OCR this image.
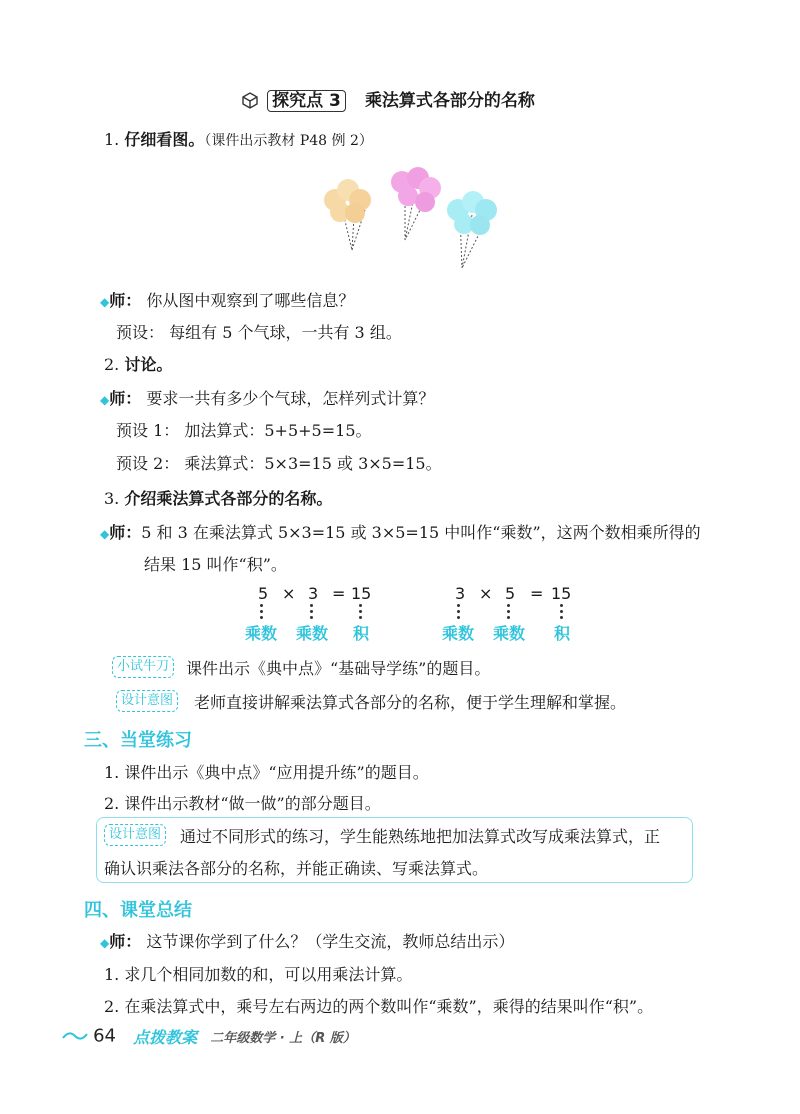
探究点 3 乘法算式各部分的名称
1. 仔细看图。（课件出示教材 P48 例 2）
◆师： 你从图中观察到了哪些信息？
预设： 每组有 5 个气球，一共有 3 组。
2. 讨论。
◆师： 要求一共有多少个气球，怎样列式计算？
预设 1： 加法算式：5+5+5=15。
预设 2： 乘法算式：5×3=15 或 3×5=15。
3. 介绍乘法算式各部分的名称。
◆师：5 和 3 在乘法算式 5×3=15 或 3×5=15 中叫作“乘数”，这两个数相乘所得的
结果 15 叫作“积”。
5 × 3 = 15
乘数 乘数 积
3 × 5 = 15
乘数 乘数 积
小试牛刀	课件出示《典中点》“基础导学练”的题目。
设计意图	老师直接讲解乘法算式各部分的名称，便于学生理解和掌握。
三、当堂练习
1. 课件出示《典中点》“应用提升练”的题目。
2. 课件出示教材“做一做”的部分题目。
设计意图	通过不同形式的练习，学生能熟练地把加法算式改写成乘法算式，正
确认识乘法各部分的名称，并能正确读、写乘法算式。
四、课堂总结
◆师： 这节课你学到了什么？（学生交流，教师总结出示）
1. 求几个相同加数的和，可以用乘法计算。
2. 在乘法算式中，乘号左右两边的两个数叫作“乘数”，乘得的结果叫作“积”。
64 点拨教案 二年级数学 · 上（R 版）
